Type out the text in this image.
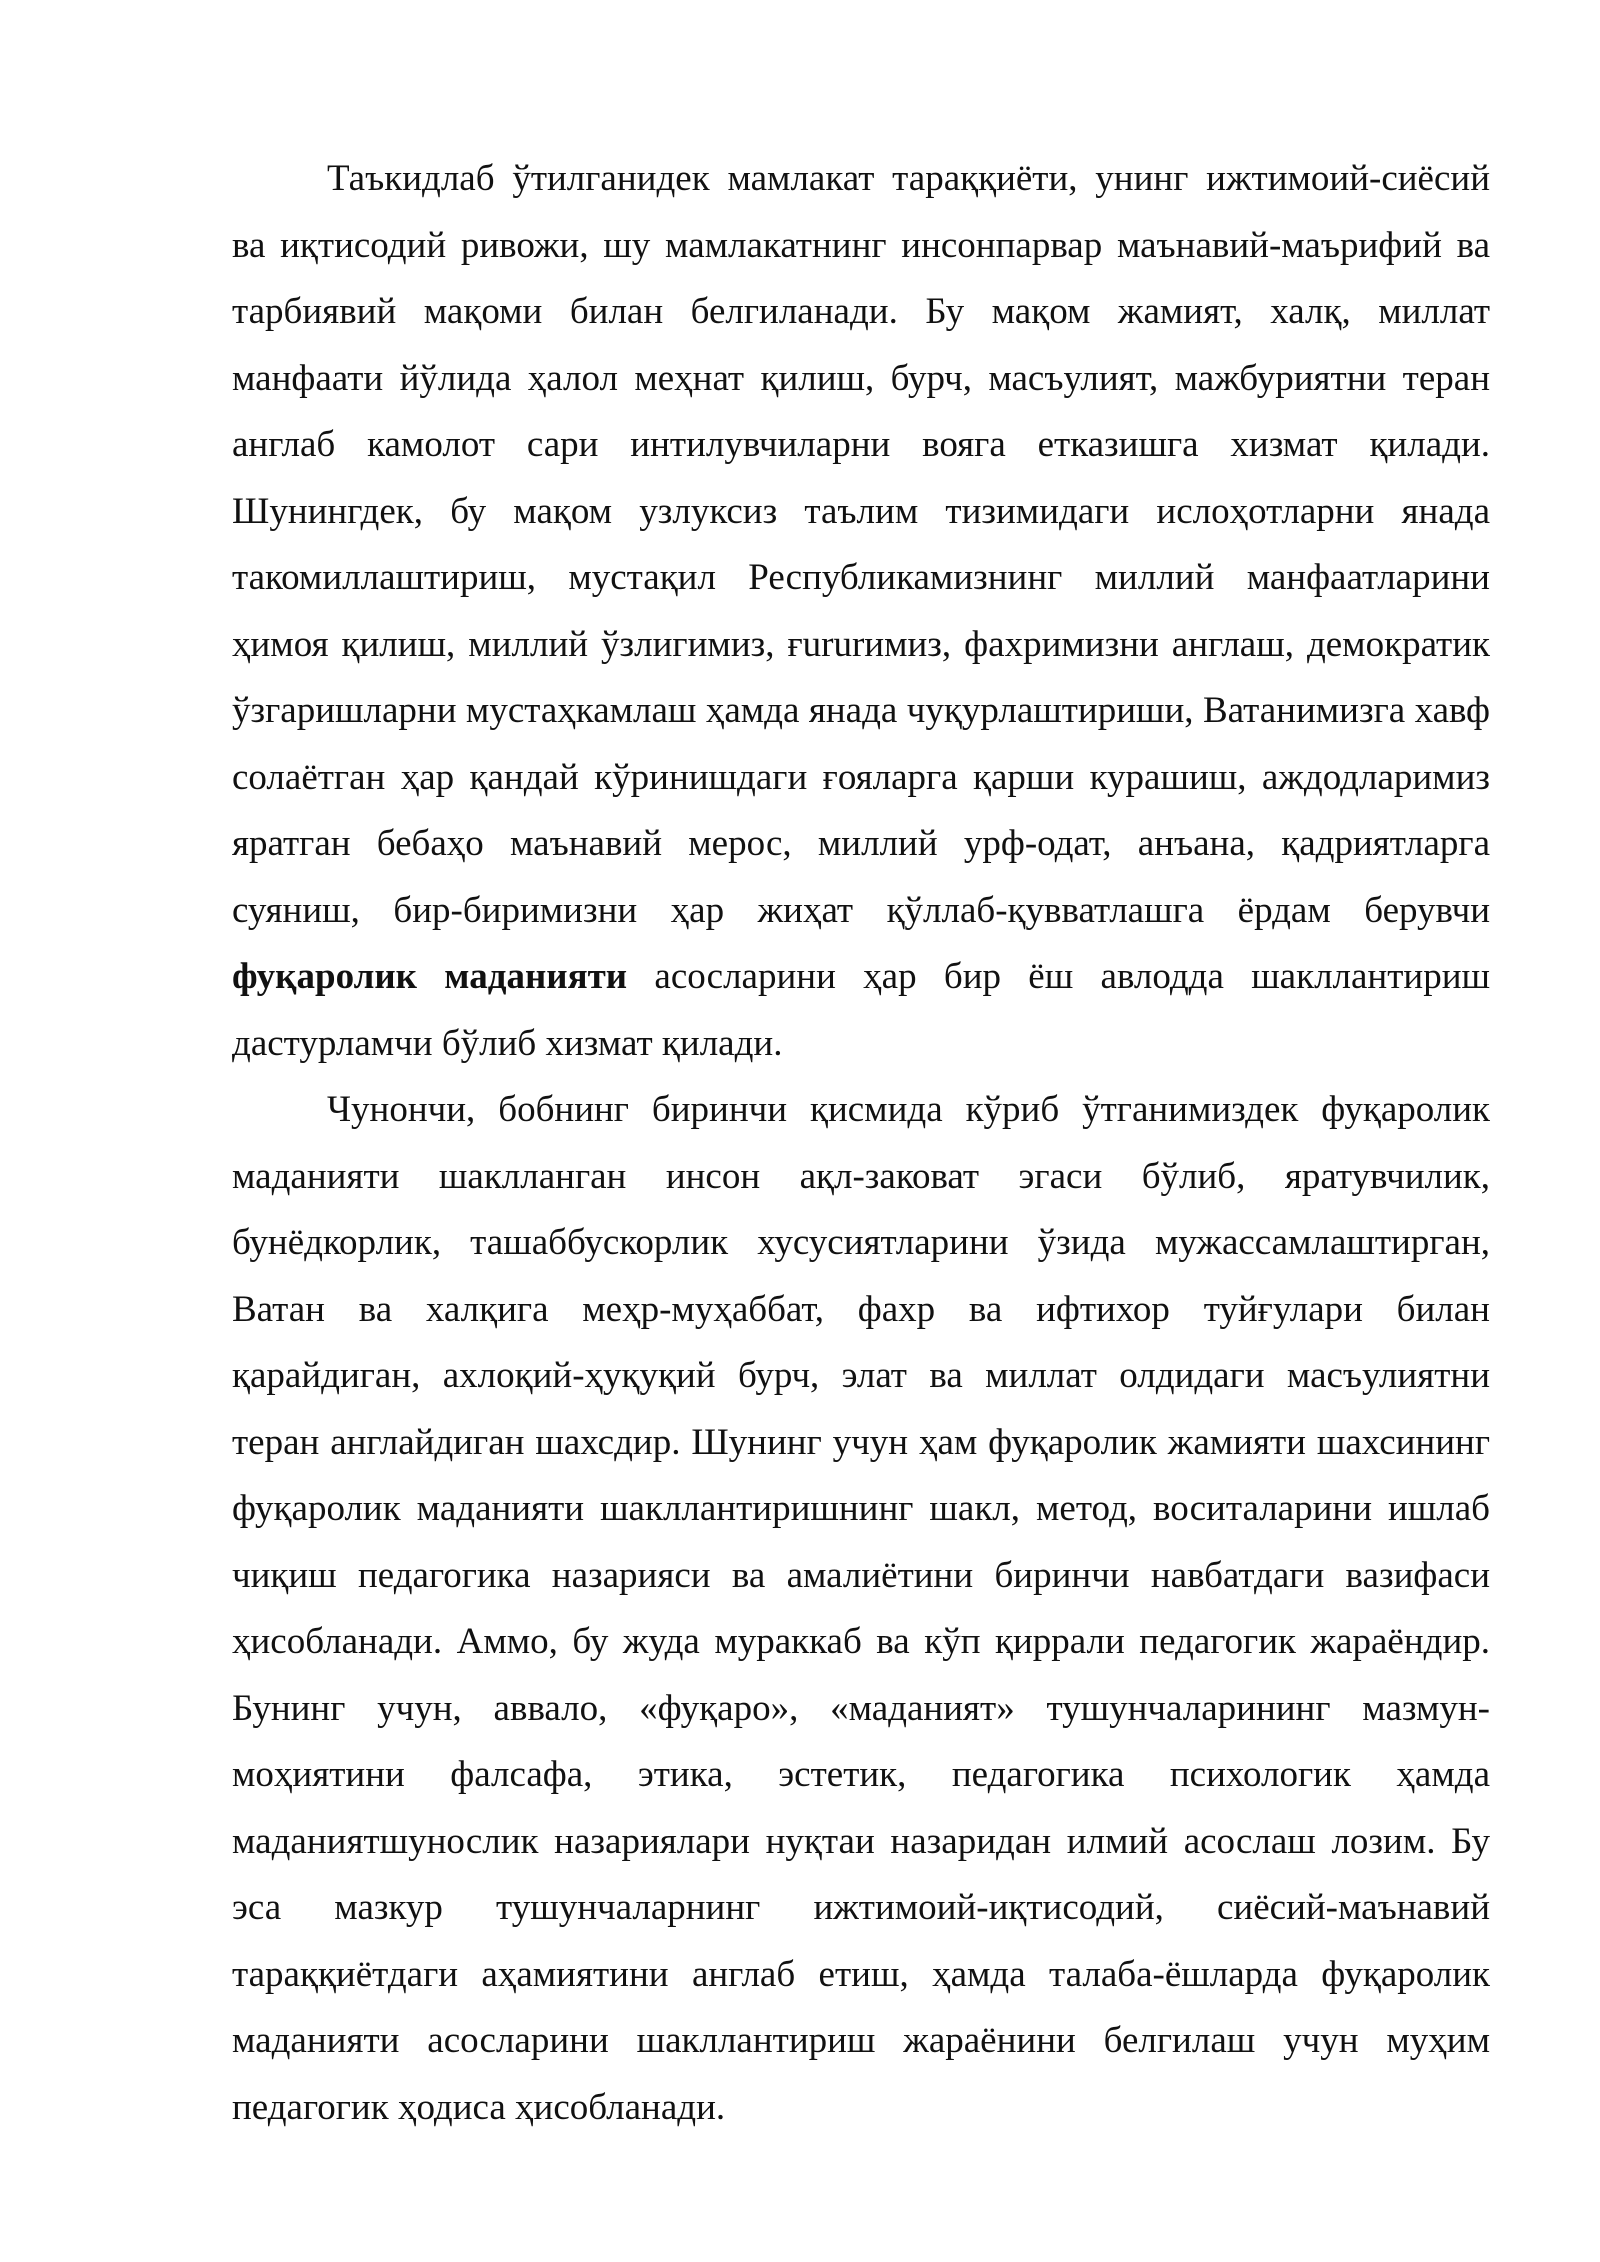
Таъкидлаб ўтилганидек мамлакат тараққиёти, унинг ижтимоий-сиёсий ва иқтисодий ривожи, шу мамлакатнинг инсонпарвар маънавий-маърифий ва тарбиявий мақоми билан белгиланади. Бу мақом жамият, халқ, миллат манфаати йўлида ҳалол меҳнат қилиш, бурч, масъулият, мажбуриятни теран англаб камолот сари интилувчиларни вояга етказишга хизмат қилади. Шунингдек, бу мақом узлуксиз таълим тизимидаги ислоҳотларни янада такомиллаштириш, мустақил Республикамизнинг миллий манфаатларини ҳимоя қилиш, миллий ўзлигимиз, ғururимиз, фахримизни англаш, демократик ўзгаришларни мустаҳкамлаш ҳамда янада чуқурлаштириши, Ватанимизга хавф солаётган ҳар қандай кўринишдаги ғояларга қарши курашиш, аждодларимиз яратган бебаҳо маънавий мерос, миллий урф-одат, анъана, қадриятларга суяниш, бир-биримизни ҳар жиҳат қўллаб-қувватлашга ёрдам берувчи фуқаролик маданияти асосларини ҳар бир ёш авлодда шакллантириш дастурламчи бўлиб хизмат қилади.

Чунончи, бобнинг биринчи қисмида кўриб ўтганимиздек фуқаролик маданияти шаклланган инсон ақл-заковат эгаси бўлиб, яратувчилик, бунёдкорлик, ташаббускорлик хусусиятларини ўзида мужассамлаштирган, Ватан ва халқига меҳр-муҳаббат, фахр ва ифтихор туйғулари билан қарайдиган, ахлоқий-ҳуқуқий бурч, элат ва миллат олдидаги масъулиятни теран англайдиган шахсдир. Шунинг учун ҳам фуқаролик жамияти шахсининг фуқаролик маданияти шакллантиришнинг шакл, метод, воситаларини ишлаб чиқиш педагогика назарияси ва амалиётини биринчи навбатдаги вазифаси ҳисобланади. Аммо, бу жуда мураккаб ва кўп қиррали педагогик жараёндир. Бунинг учун, аввало, «фуқаро», «маданият» тушунчаларининг мазмун-моҳиятини фалсафа, этика, эстетик, педагогика психологик ҳамда маданиятшунослик назариялари нуқтаи назаридан илмий асослаш лозим. Бу эса мазкур тушунчаларнинг ижтимоий-иқтисодий, сиёсий-маънавий тараққиётдаги аҳамиятини англаб етиш, ҳамда талаба-ёшларда фуқаролик маданияти асосларини шакллантириш жараёнини белгилаш учун муҳим педагогик ҳодиса ҳисобланади.
